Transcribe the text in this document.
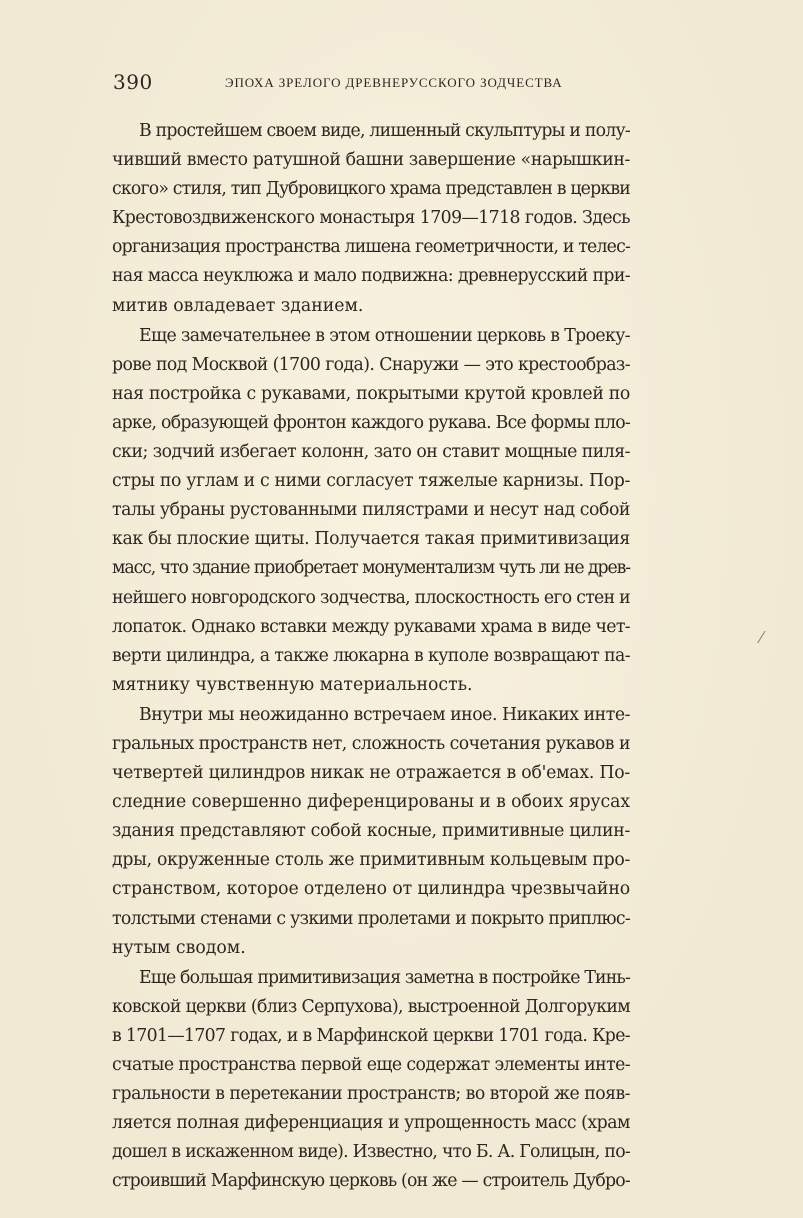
390	ЭПОХА ЗРЕЛОГО ДРЕВНЕРУССКОГО ЗОДЧЕСТВА

В простейшем своем виде, лишенный скульптуры и полу-
чивший вместо ратушной башни завершение «нарышкин-
ского» стиля, тип Дубровицкого храма представлен в церкви
Крестовоздвиженского монастыря 1709—1718 годов. Здесь
организация пространства лишена геометричности, и телес-
ная масса неуклюжа и мало подвижна: древнерусский при-
митив овладевает зданием.

Еще замечательнее в этом отношении церковь в Троеку-
рове под Москвой (1700 года). Снаружи — это крестообраз-
ная постройка с рукавами, покрытыми крутой кровлей по
арке, образующей фронтон каждого рукава. Все формы пло-
ски; зодчий избегает колонн, зато он ставит мощные пиля-
стры по углам и с ними согласует тяжелые карнизы. Пор-
талы убраны рустованными пилястрами и несут над собой
как бы плоские щиты. Получается такая примитивизация
масс, что здание приобретает монументализм чуть ли не древ-
нейшего новгородского зодчества, плоскостность его стен и
лопаток. Однако вставки между рукавами храма в виде чет-
верти цилиндра, а также люкарна в куполе возвращают па-
мятнику чувственную материальность.

Внутри мы неожиданно встречаем иное. Никаких инте-
гральных пространств нет, сложность сочетания рукавов и
четвертей цилиндров никак не отражается в об'емах. По-
следние совершенно диференцированы и в обоих ярусах
здания представляют собой косные, примитивные цилин-
дры, окруженные столь же примитивным кольцевым про-
странством, которое отделено от цилиндра чрезвычайно
толстыми стенами с узкими пролетами и покрыто приплюс-
нутым сводом.

Еще большая примитивизация заметна в постройке Тинь-
ковской церкви (близ Серпухова), выстроенной Долгоруким
в 1701—1707 годах, и в Марфинской церкви 1701 года. Кре-
счатые пространства первой еще содержат элементы инте-
гральности в перетекании пространств; во второй же появ-
ляется полная диференциация и упрощенность масс (храм
дошел в искаженном виде). Известно, что Б. А. Голицын, по-
строивший Марфинскую церковь (он же — строитель Дубро-

⁄
